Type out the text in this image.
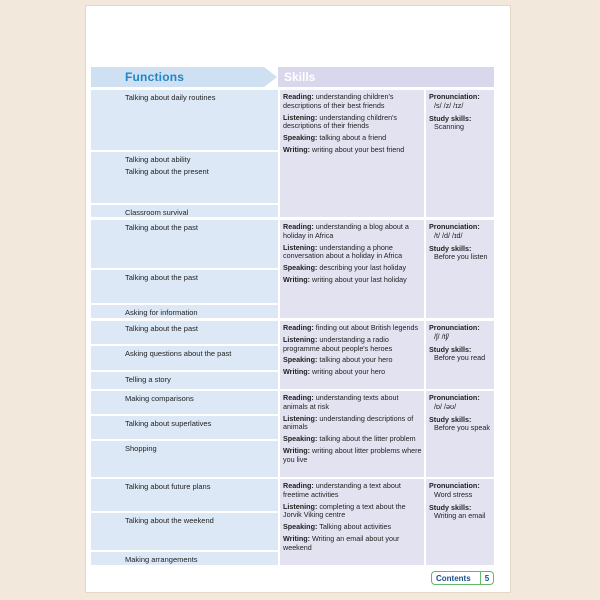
Functions	Skills
Talking about daily routines
Talking about ability

Talking about the present
Classroom survival
Talking about the past
Talking about the past
Asking for information
Talking about the past
Asking questions about the past
Telling a story
Making comparisons
Talking about superlatives
Shopping
Talking about future plans
Talking about the weekend
Making arrangements
Reading: understanding children's descriptions of their best friends
Listening: understanding children's descriptions of their friends
Speaking: talking about a friend
Writing: writing about your best friend
Pronunciation:
/s/ /z/ /ɪz/
Study skills:
Scanning
Reading: understanding a blog about a holiday in Africa
Listening: understanding a phone conversation about a holiday in Africa
Speaking: describing your last holiday
Writing: writing about your last holiday
Pronunciation:
/t/ /d/ /ɪd/
Study skills:
Before you listen
Reading: finding out about British legends
Listening: understanding a radio programme about people's heroes
Speaking: talking about your hero
Writing: writing about your hero
Pronunciation:
/ʃ/ /tʃ/
Study skills:
Before you read
Reading: understanding texts about animals at risk
Listening: understanding descriptions of animals
Speaking: talking about the litter problem
Writing: writing about litter problems where you live
Pronunciation:
/ɒ/ /əʊ/
Study skills:
Before you speak
Reading: understanding a text about freetime activities
Listening: completing a text about the Jorvik Viking centre
Speaking: Talking about activities
Writing: Writing an email about your weekend
Pronunciation:
Word stress
Study skills:
Writing an email
Contents	5
